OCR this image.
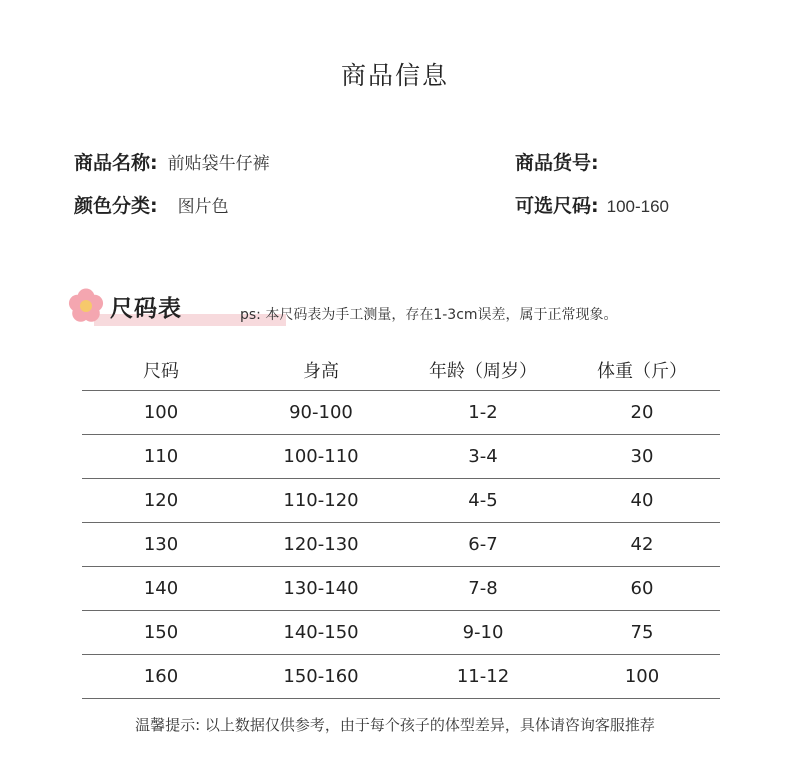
商品信息
商品名称: 前贴袋牛仔裤	商品货号:
颜色分类: 图片色	可选尺码: 100-160
尺码表	ps: 本尺码表为手工测量，存在1-3cm误差，属于正常现象。
尺码	身高	年龄（周岁）	体重（斤）
100	90-100	1-2	20
110	100-110	3-4	30
120	110-120	4-5	40
130	120-130	6-7	42
140	130-140	7-8	60
150	140-150	9-10	75
160	150-160	11-12	100
温馨提示: 以上数据仅供参考，由于每个孩子的体型差异，具体请咨询客服推荐
